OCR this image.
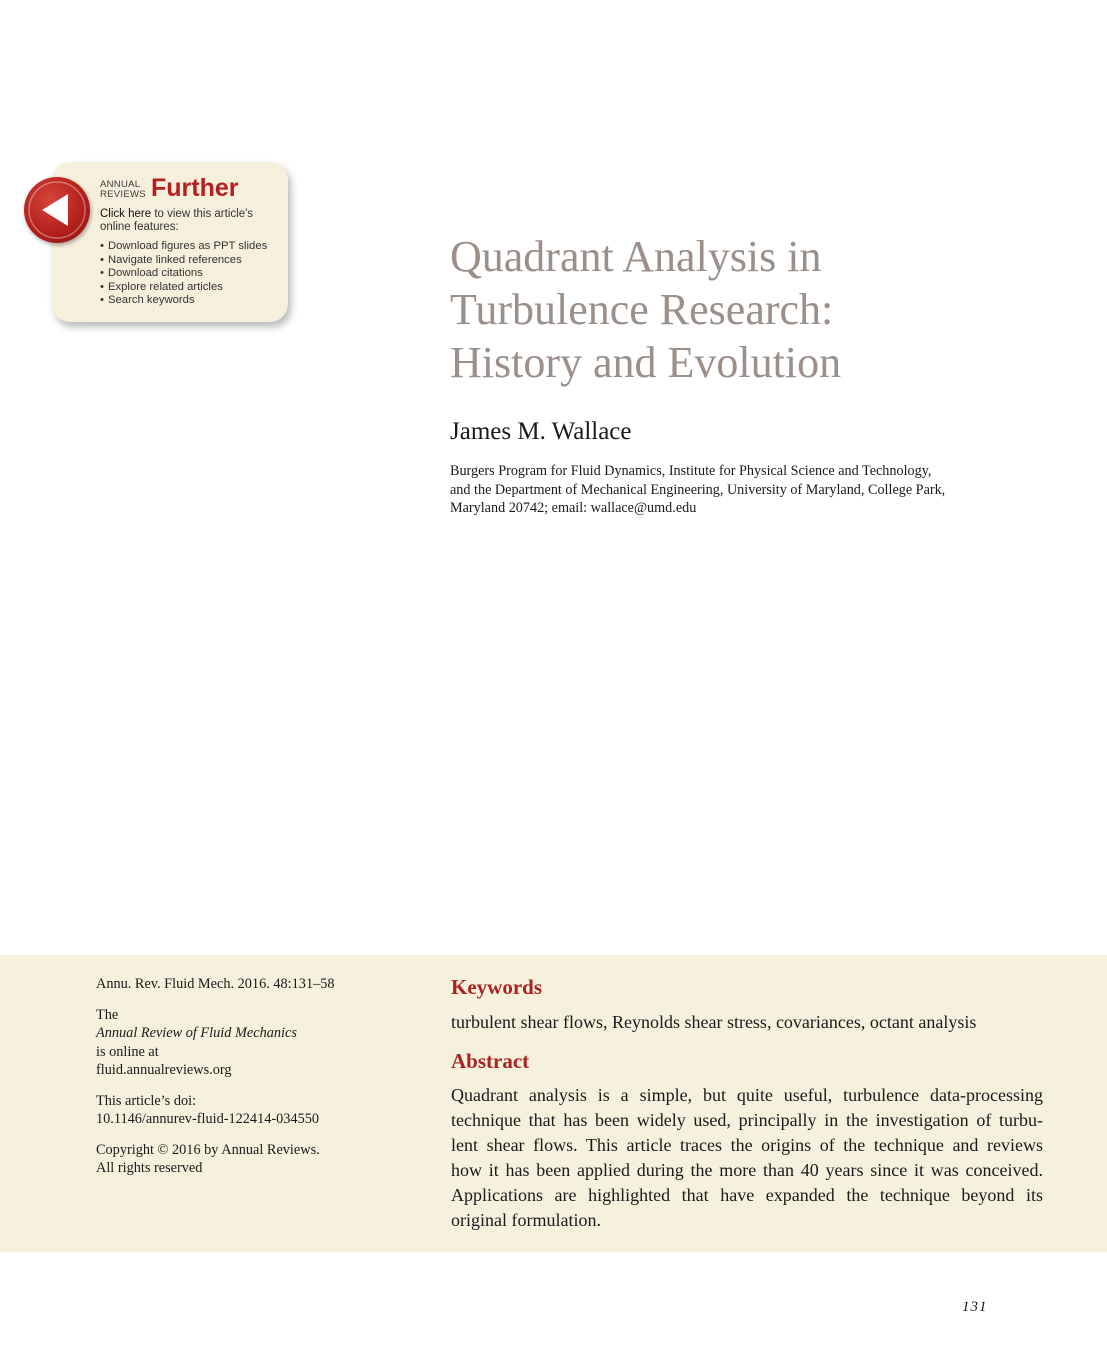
ANNUAL
REVIEWS Further
Click here to view this article's
online features:
• Download figures as PPT slides
• Navigate linked references
• Download citations
• Explore related articles
• Search keywords
Quadrant Analysis in
Turbulence Research:
History and Evolution
James M. Wallace
Burgers Program for Fluid Dynamics, Institute for Physical Science and Technology,
and the Department of Mechanical Engineering, University of Maryland, College Park,
Maryland 20742; email: wallace@umd.edu
Annu. Rev. Fluid Mech. 2016. 48:131–58
The
Annual Review of Fluid Mechanics
is online at
fluid.annualreviews.org
This article’s doi:
10.1146/annurev-fluid-122414-034550
Copyright © 2016 by Annual Reviews.
All rights reserved
Keywords
turbulent shear flows, Reynolds shear stress, covariances, octant analysis
Abstract
Quadrant analysis is a simple, but quite useful, turbulence data-processing
technique that has been widely used, principally in the investigation of turbu-
lent shear flows. This article traces the origins of the technique and reviews
how it has been applied during the more than 40 years since it was conceived.
Applications are highlighted that have expanded the technique beyond its
original formulation.
131
